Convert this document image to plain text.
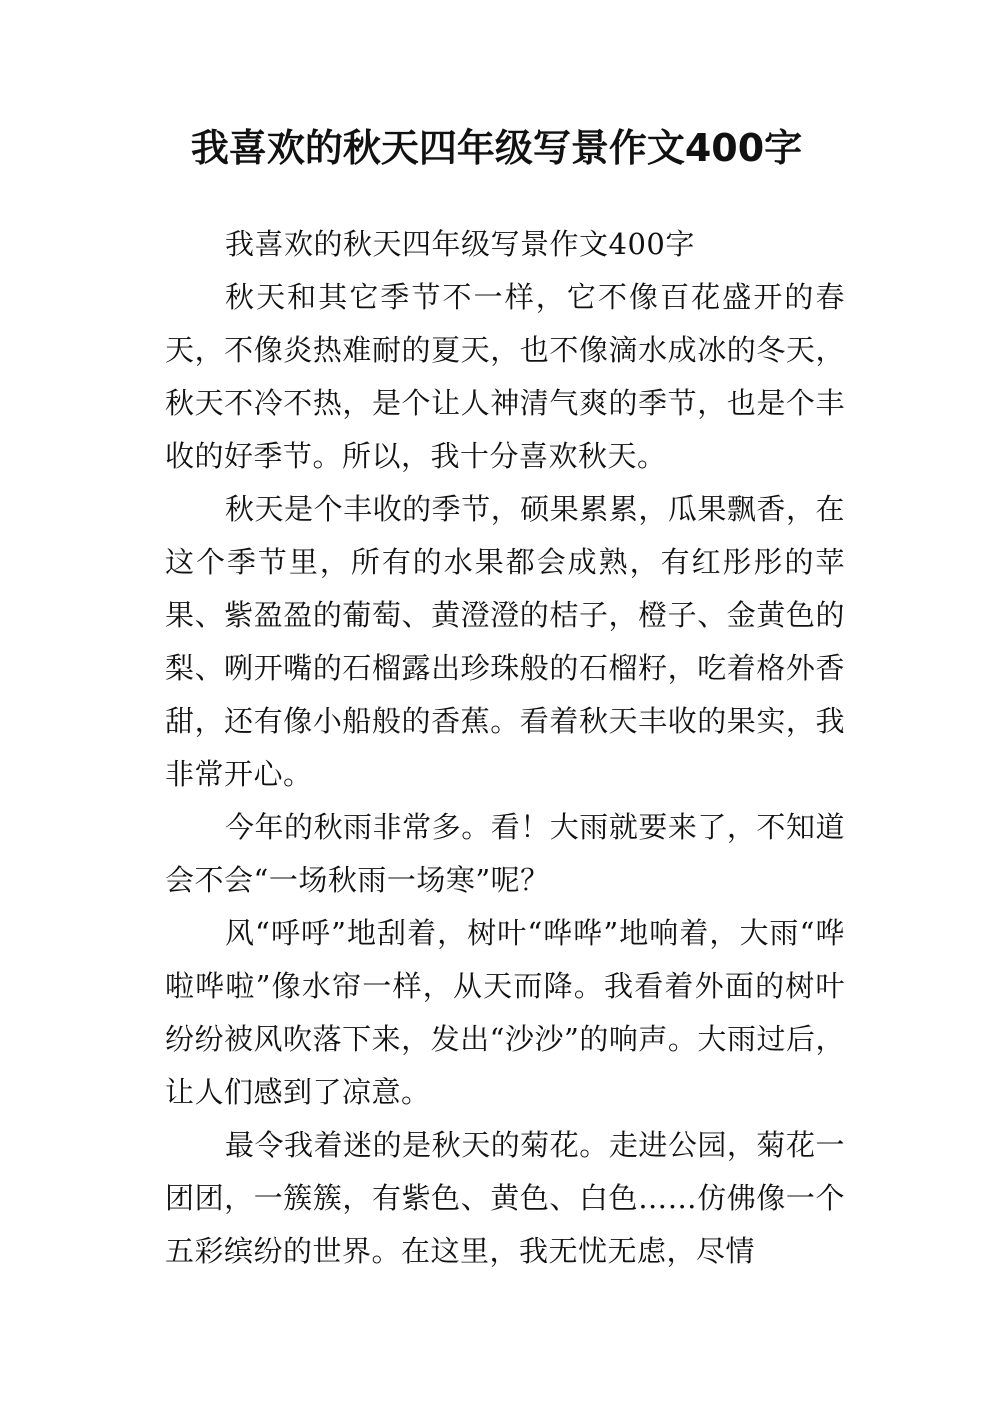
我喜欢的秋天四年级写景作文400字

我喜欢的秋天四年级写景作文400字

秋天和其它季节不一样，它不像百花盛开的春天，不像炎热难耐的夏天，也不像滴水成冰的冬天，秋天不冷不热，是个让人神清气爽的季节，也是个丰收的好季节。所以，我十分喜欢秋天。

秋天是个丰收的季节，硕果累累，瓜果飘香，在这个季节里，所有的水果都会成熟，有红彤彤的苹果、紫盈盈的葡萄、黄澄澄的桔子，橙子、金黄色的梨、咧开嘴的石榴露出珍珠般的石榴籽，吃着格外香甜，还有像小船般的香蕉。看着秋天丰收的果实，我非常开心。

今年的秋雨非常多。看！大雨就要来了，不知道会不会“一场秋雨一场寒”呢？

风“呼呼”地刮着，树叶“哗哗”地响着，大雨“哗啦哗啦”像水帘一样，从天而降。我看着外面的树叶纷纷被风吹落下来，发出“沙沙”的响声。大雨过后，让人们感到了凉意。

最令我着迷的是秋天的菊花。走进公园，菊花一团团，一簇簇，有紫色、黄色、白色……仿佛像一个五彩缤纷的世界。在这里，我无忧无虑，尽情
